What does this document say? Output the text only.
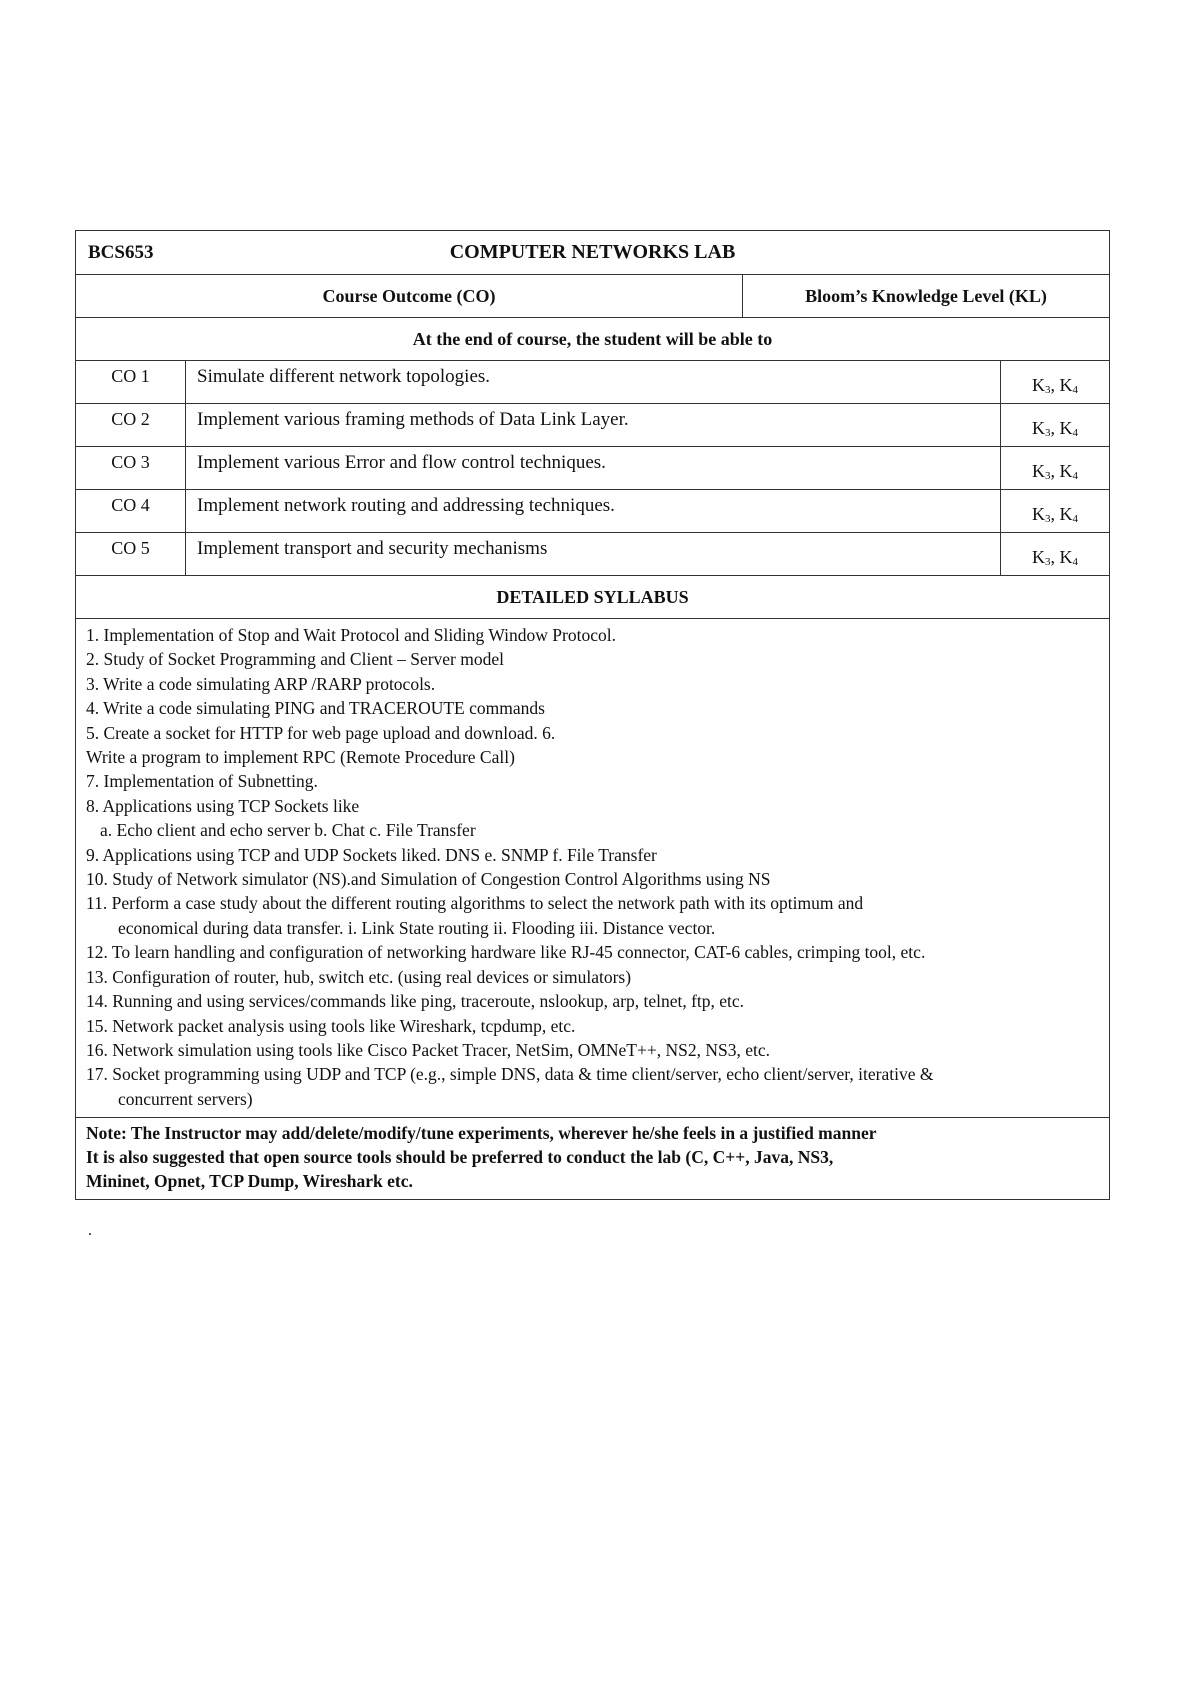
BCS653	COMPUTER NETWORKS LAB
Course Outcome (CO)	Bloom’s Knowledge Level (KL)
At the end of course, the student will be able to
CO 1	Simulate different network topologies.	$K_3$ , $K_4$
CO 2	Implement various framing methods of Data Link Layer.	$K_3$ , $K_4$
CO 3	Implement various Error and flow control techniques.	$K_3$ , $K_4$
CO 4	Implement network routing and addressing techniques.	$K_3$ , $K_4$
CO 5	Implement transport and security mechanisms	$K_3$ , $K_4$
DETAILED SYLLABUS
1. Implementation of Stop and Wait Protocol and Sliding Window Protocol.
2. Study of Socket Programming and Client – Server model
3. Write a code simulating ARP /RARP protocols.
4. Write a code simulating PING and TRACEROUTE commands
5. Create a socket for HTTP for web page upload and download. 6.
Write a program to implement RPC (Remote Procedure Call)
7. Implementation of Subnetting.
8. Applications using TCP Sockets like
a. Echo client and echo server b. Chat c. File Transfer
9. Applications using TCP and UDP Sockets liked. DNS e. SNMP f. File Transfer
10. Study of Network simulator (NS).and Simulation of Congestion Control Algorithms using NS
11. Perform a case study about the different routing algorithms to select the network path with its optimum and
economical during data transfer. i. Link State routing ii. Flooding iii. Distance vector.
12. To learn handling and configuration of networking hardware like RJ-45 connector, CAT-6 cables, crimping tool, etc.
13. Configuration of router, hub, switch etc. (using real devices or simulators)
14. Running and using services/commands like ping, traceroute, nslookup, arp, telnet, ftp, etc.
15. Network packet analysis using tools like Wireshark, tcpdump, etc.
16. Network simulation using tools like Cisco Packet Tracer, NetSim, OMNeT++, NS2, NS3, etc.
17. Socket programming using UDP and TCP (e.g., simple DNS, data & time client/server, echo client/server, iterative &
concurrent servers)
Note: The Instructor may add/delete/modify/tune experiments, wherever he/she feels in a justified manner
It is also suggested that open source tools should be preferred to conduct the lab (C, C++, Java, NS3,
Mininet, Opnet, TCP Dump, Wireshark etc.
.
